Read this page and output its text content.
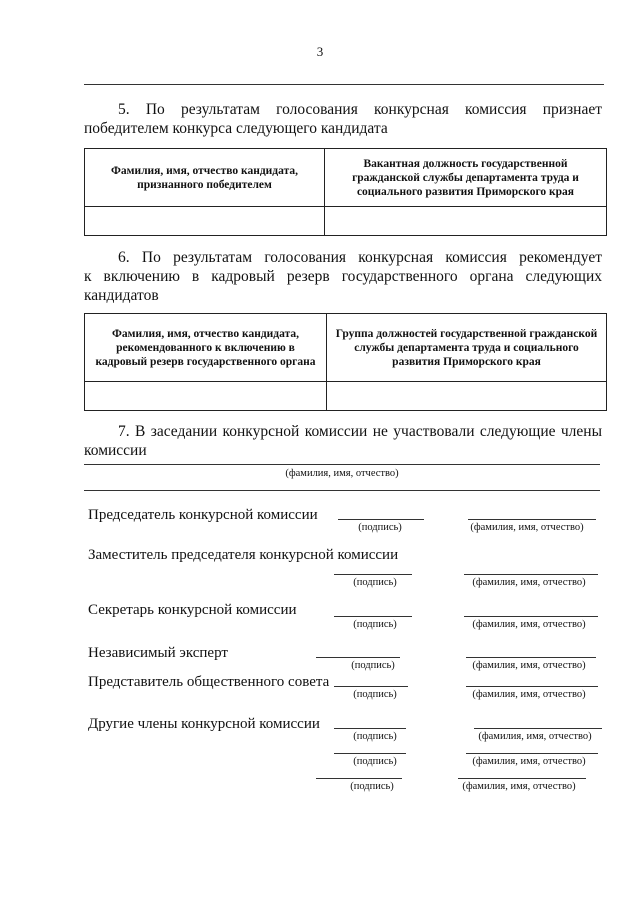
3
5. По результатам голосования конкурсная комиссия признает
победителем конкурса следующего кандидата
Фамилия, имя, отчество кандидата, признанного победителем	Вакантная должность государственной гражданской службы департамента труда и социального развития Приморского края

6. По результатам голосования конкурсная комиссия рекомендует
к включению в кадровый резерв государственного органа следующих
кандидатов
Фамилия, имя, отчество кандидата, рекомендованного к включению в кадровый резерв государственного органа	Группа должностей государственной гражданской службы департамента труда и социального развития Приморского края

7. В заседании конкурсной комиссии не участвовали следующие члены
комиссии
(фамилия, имя, отчество)
Председатель конкурсной комиссии
(подпись)	(фамилия, имя, отчество)
Заместитель председателя конкурсной комиссии
(подпись)	(фамилия, имя, отчество)
Секретарь конкурсной комиссии
(подпись)	(фамилия, имя, отчество)
Независимый эксперт
(подпись)	(фамилия, имя, отчество)
Представитель общественного совета
(подпись)	(фамилия, имя, отчество)
Другие члены конкурсной комиссии
(подпись)	(фамилия, имя, отчество)
(подпись)	(фамилия, имя, отчество)
(подпись)	(фамилия, имя, отчество)
